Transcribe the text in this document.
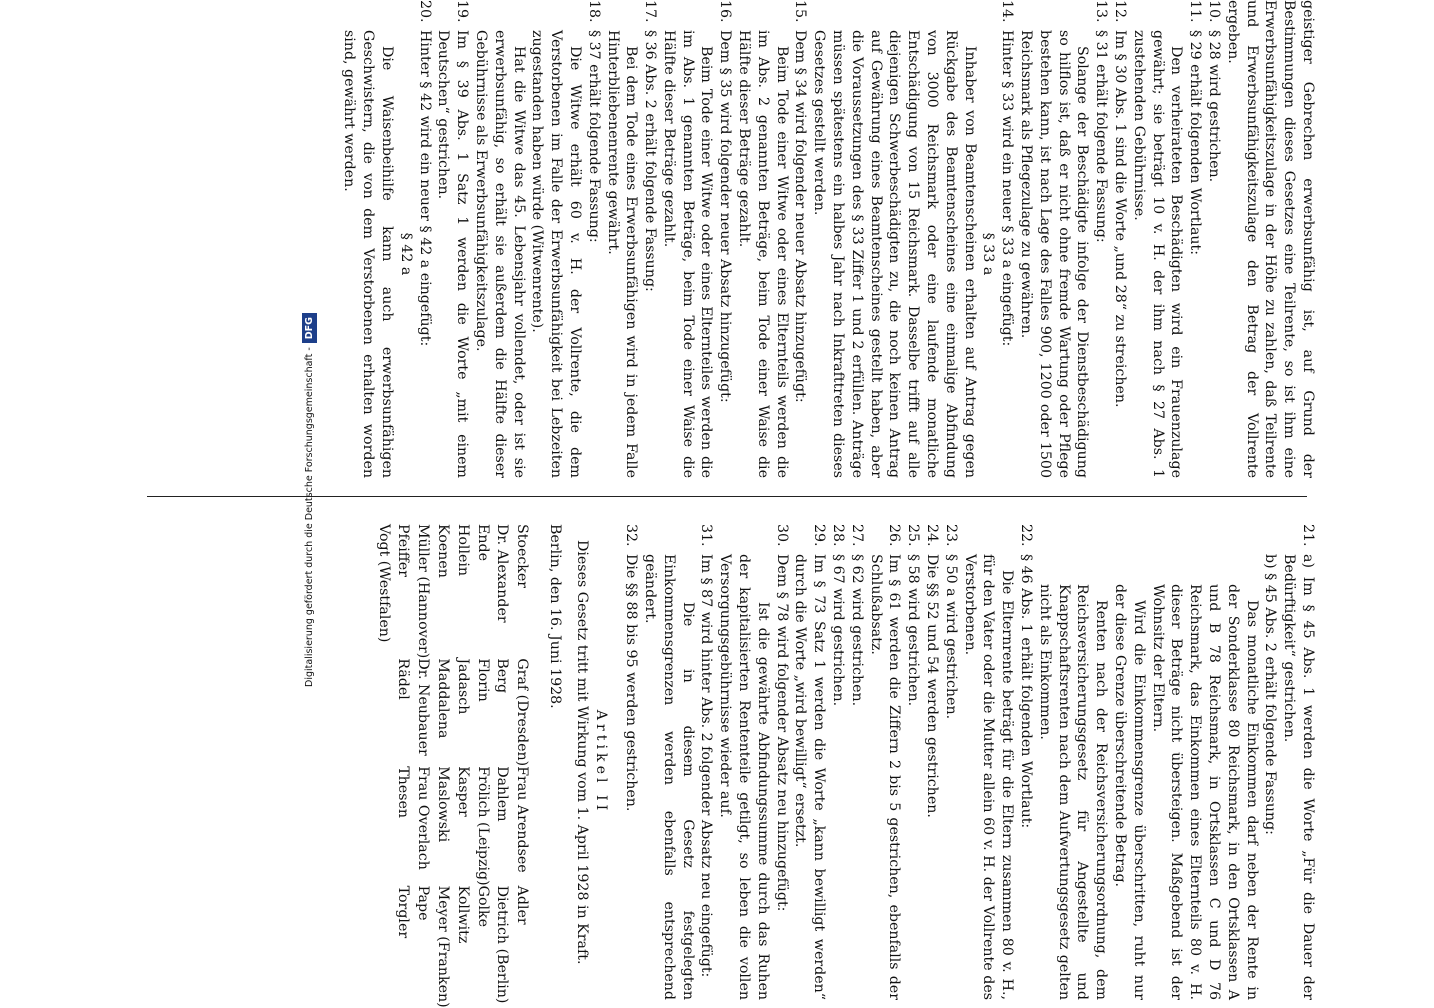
geistiger Gebrechen erwerbsunfähig ist, auf Grund der Bestimmungen dieses Gesetzes eine Teilrente, so ist ihm eine Erwerbsunfähigkeitszulage in der Höhe zu zahlen, daß Teilrente und Erwerbsunfähigkeitszulage den Betrag der Vollrente ergeben.

10.

§ 28 wird gestrichen.

11.

§ 29 erhält folgenden Wortlaut:

Den verheirateten Beschädigten wird ein Frauenzulage gewährt; sie beträgt 10 v. H. der ihm nach § 27 Abs. 1 zustehenden Gebührnisse.

12.

Im § 30 Abs. 1 sind die Worte „und 28“ zu streichen.

13.

§ 31 erhält folgende Fassung:

Solange der Beschädigte infolge der Dienstbeschädigung so hilflos ist, daß er nicht ohne fremde Wartung oder Pflege bestehen kann, ist nach Lage des Falles 900, 1200 oder 1500 Reichsmark als Pflegezulage zu gewähren.

14.

Hinter § 33 wird ein neuer § 33 a eingefügt:

§ 33 a

Inhaber von Beamtenscheinen erhalten auf Antrag gegen Rückgabe des Beamtenscheines eine einmalige Abfindung von 3000 Reichsmark oder eine laufende monatliche Entschädigung von 15 Reichsmark. Dasselbe trifft auf alle diejenigen Schwerbeschädigten zu, die noch keinen Antrag auf Gewährung eines Beamtenscheines gestellt haben, aber die Voraussetzungen des § 33 Ziffer 1 und 2 erfüllen. Anträge müssen spätestens ein halbes Jahr nach Inkrafttreten dieses Gesetzes gestellt werden.

15.

Dem § 34 wird folgender neuer Absatz hinzugefügt:

Beim Tode einer Witwe oder eines Elternteils werden die im Abs. 2 genannten Beträge, beim Tode einer Waise die Hälfte dieser Beträge gezahlt.

16.

Dem § 35 wird folgender neuer Absatz hinzugefügt:

Beim Tode einer Witwe oder eines Elternteiles werden die im Abs. 1 genannten Beträge, beim Tode einer Waise die Hälfte dieser Beträge gezahlt.

17.

§ 36 Abs. 2 erhält folgende Fassung:

Bei dem Tode eines Erwerbsunfähigen wird in jedem Falle Hinterbliebenenrente gewährt.

18.

§ 37 erhält folgende Fassung:

Die Witwe erhält 60 v. H. der Vollrente, die dem Verstorbenen im Falle der Erwerbsunfähigkeit bei Lebzeiten zugestanden haben würde (Witwenrente).

Hat die Witwe das 45. Lebensjahr vollendet, oder ist sie erwerbsunfähig, so erhält sie außerdem die Hälfte dieser Gebührnisse als Erwerbsunfähigkeitszulage.

19.

Im § 39 Abs. 1 Satz 1 werden die Worte „mit einem Deutschen“ gestrichen.

20.

Hinter § 42 wird ein neuer § 42 a eingefügt:

§ 42 a

Die Waisenbeihilfe kann auch erwerbsunfähigen Geschwistern, die von dem Verstorbenen erhalten worden sind, gewährt werden.

21.

a) Im § 45 Abs. 1 werden die Worte „Für die Dauer der Bedürftigkeit“ gestrichen.

b) § 45 Abs. 2 erhält folgende Fassung:

Das monatliche Einkommen darf neben der Rente in der Sonderklasse 80 Reichsmark, in den Ortsklassen A und B 78 Reichsmark, in Ortsklassen C und D 76 Reichsmark, das Einkommen eines Elternteils 80 v. H. dieser Beträge nicht übersteigen. Maßgebend ist der Wohnsitz der Eltern.

Wird die Einkommensgrenze überschritten, ruht nur der diese Grenze überschreitende Betrag.

Renten nach der Reichsversicherungsordnung, dem Reichsversicherungsgesetz für Angestellte und Knappschaftsrenten nach dem Aufwertungsgesetz gelten nicht als Einkommen.

22.

§ 46 Abs. 1 erhält folgenden Wortlaut:

Die Elternrente beträgt für die Eltern zusammen 80 v. H., für den Vater oder die Mutter allein 60 v. H. der Vollrente des Verstorbenen.

23.

§ 50 a wird gestrichen.

24.

Die §§ 52 und 54 werden gestrichen.

25.

§ 58 wird gestrichen.

26.

Im § 61 werden die Ziffern 2 bis 5 gestrichen, ebenfalls der Schlußabsatz.

27.

§ 62 wird gestrichen.

28.

§ 67 wird gestrichen.

29.

Im § 73 Satz 1 werden die Worte „kann bewilligt werden“ durch die Worte „wird bewilligt“ ersetzt.

30.

Dem § 78 wird folgender Absatz neu hinzugefügt:

Ist die gewährte Abfindungssumme durch das Ruhen der kapitalisierten Rententeile getilgt, so leben die vollen Versorgungsgebührnisse wieder auf.

31.

Im § 87 wird hinter Abs. 2 folgender Absatz neu eingefügt:

Die in diesem Gesetz festgelegten Einkommensgrenzen werden ebenfalls entsprechend geändert.

32.

Die §§ 88 bis 95 werden gestrichen.

Artikel II

Dieses Gesetz tritt mit Wirkung vom 1. April 1928 in Kraft.

Berlin, den 16. Juni 1928.

Stoecker
Graf (Dresden)
Frau Arendsee
Adler
Dr. Alexander
Berg
Dahlem
Dietrich (Berlin)
Ende
Florin
Frölich (Leipzig)
Golke
Hollein
Jadasch
Kasper
Kollwitz
Koenen
Maddalena
Maslowski
Meyer (Franken)
Müller (Hannover)
Dr. Neubauer
Frau Overlach
Pape
Pfeiffer
Rädel
Thesen
Torgler
Vogt (Westfalen)
Digitalisierung gefördert durch die Deutsche Forschungsgemeinschaft -DFG
